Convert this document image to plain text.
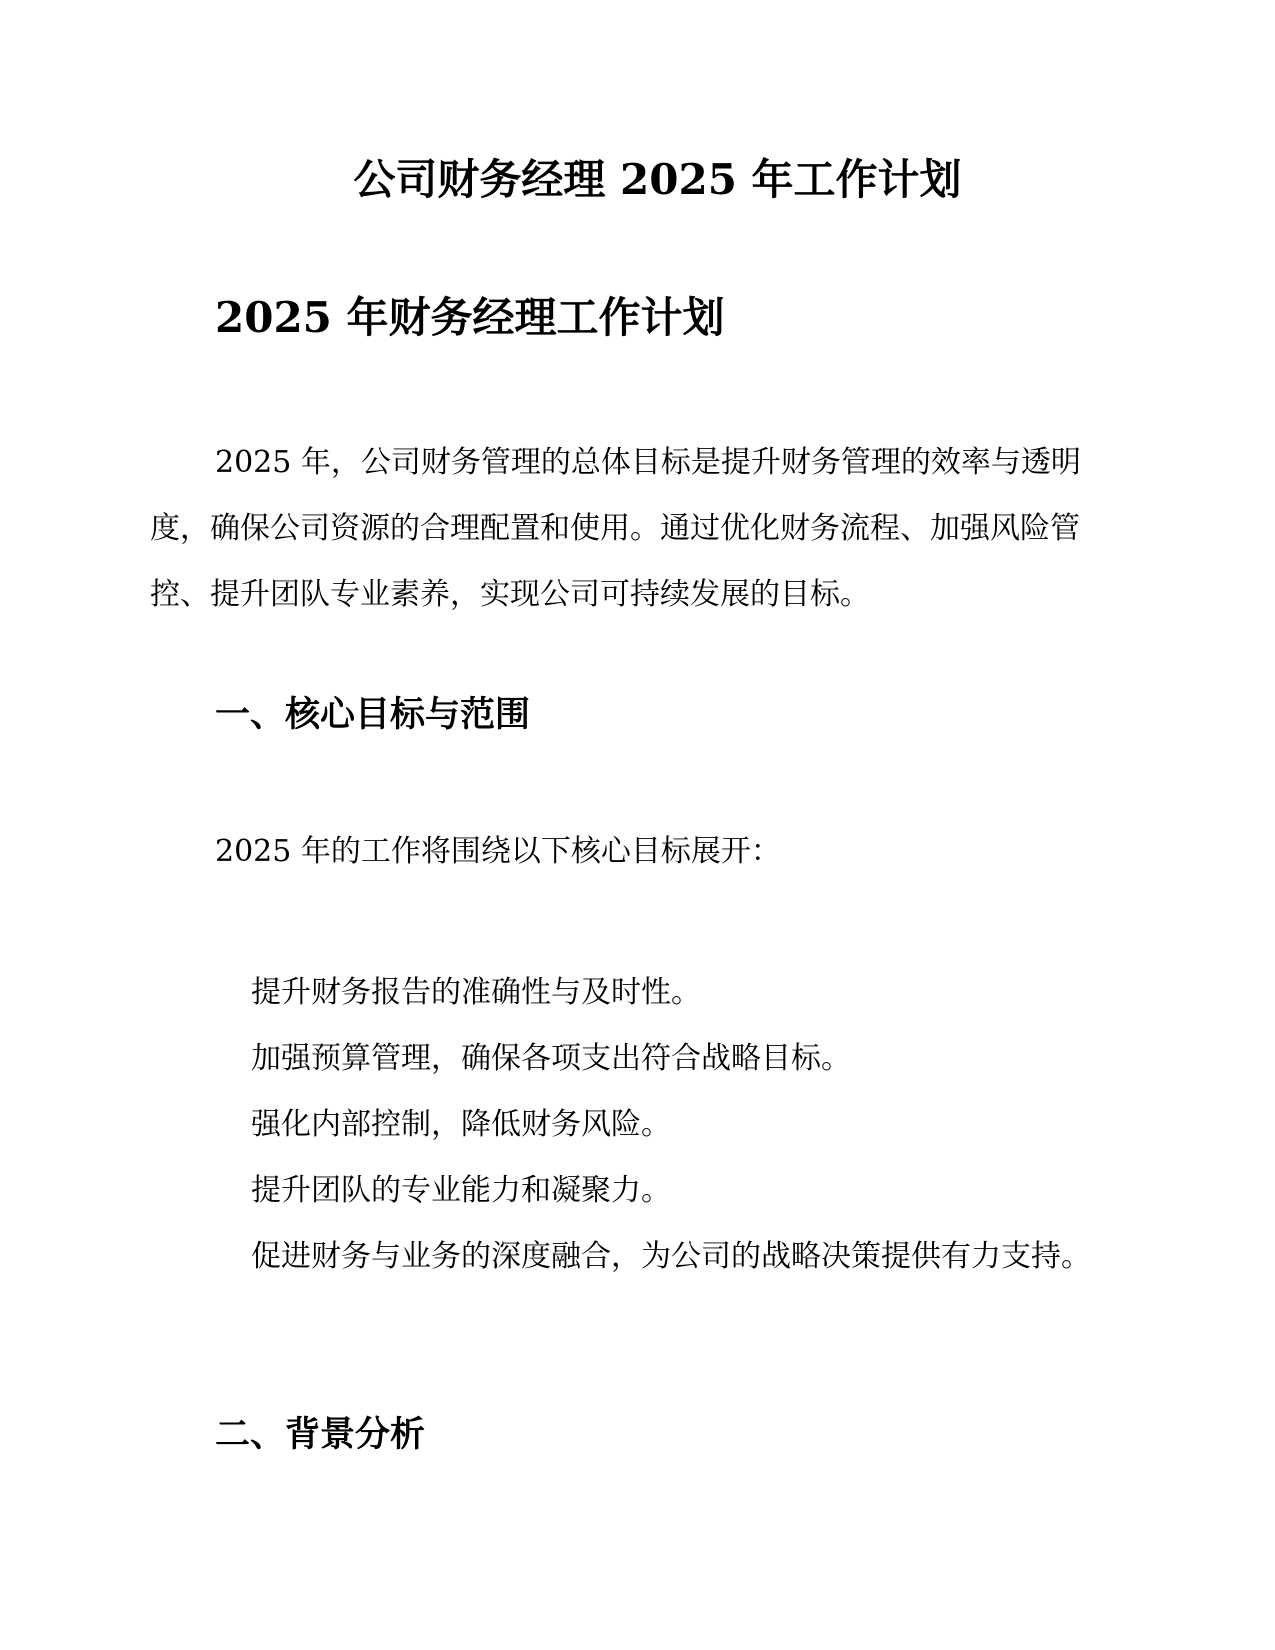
公司财务经理 2025 年工作计划
2025 年财务经理工作计划

2025 年，公司财务管理的总体目标是提升财务管理的效率与透明度，确保公司资源的合理配置和使用。通过优化财务流程、加强风险管控、提升团队专业素养，实现公司可持续发展的目标。

一、核心目标与范围
2025 年的工作将围绕以下核心目标展开：
提升财务报告的准确性与及时性。
加强预算管理，确保各项支出符合战略目标。
强化内部控制，降低财务风险。
提升团队的专业能力和凝聚力。
促进财务与业务的深度融合，为公司的战略决策提供有力支持。
二、背景分析
